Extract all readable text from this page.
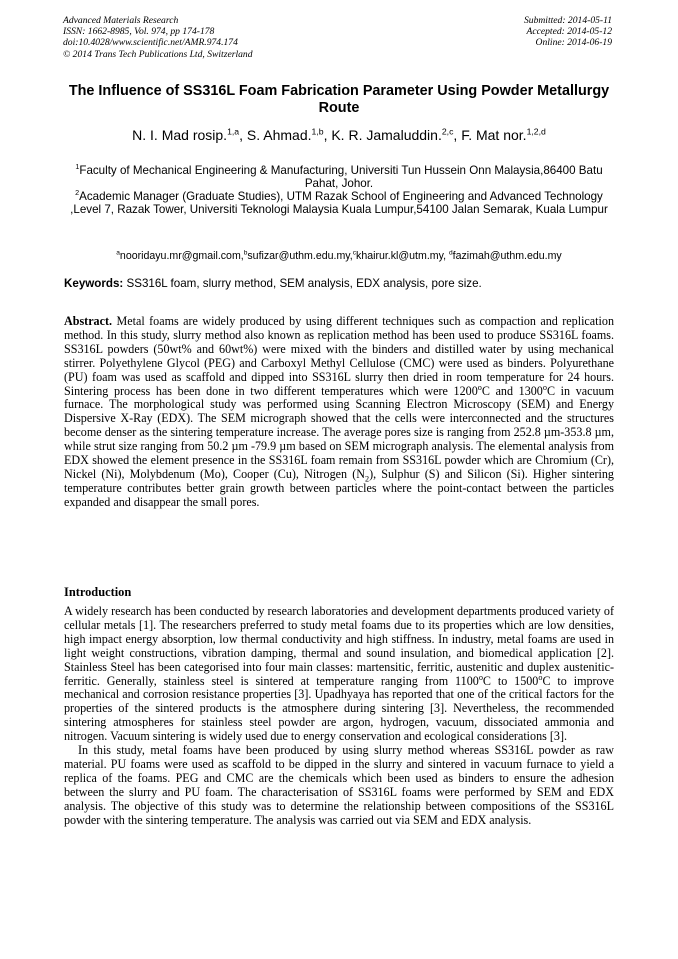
Advanced Materials Research
ISSN: 1662-8985, Vol. 974, pp 174-178
doi:10.4028/www.scientific.net/AMR.974.174
© 2014 Trans Tech Publications Ltd, Switzerland
Submitted: 2014-05-11
Accepted: 2014-05-12
Online: 2014-06-19
The Influence of SS316L Foam Fabrication Parameter Using Powder Metallurgy Route
N. I. Mad rosip.$^{1,a}$, S. Ahmad.$^{1,b}$, K. R. Jamaluddin.$^{2,c}$, F. Mat nor.$^{1,2,d}$
$^1$Faculty of Mechanical Engineering & Manufacturing, Universiti Tun Hussein Onn Malaysia,86400 Batu Pahat, Johor.
$^2$Academic Manager (Graduate Studies), UTM Razak School of Engineering and Advanced Technology ,Level 7, Razak Tower, Universiti Teknologi Malaysia Kuala Lumpur,54100 Jalan Semarak, Kuala Lumpur
$^a$nooridayu.mr@gmail.com,$^b$sufizar@uthm.edu.my,$^c$khairur.kl@utm.my, $^d$fazimah@uthm.edu.my
Keywords: SS316L foam, slurry method, SEM analysis, EDX analysis, pore size.

Abstract. Metal foams are widely produced by using different techniques such as compaction and replication method. In this study, slurry method also known as replication method has been used to produce SS316L foams. SS316L powders (50wt% and 60wt%) were mixed with the binders and distilled water by using mechanical stirrer. Polyethylene Glycol (PEG) and Carboxyl Methyl Cellulose (CMC) were used as binders. Polyurethane (PU) foam was used as scaffold and dipped into SS316L slurry then dried in room temperature for 24 hours. Sintering process has been done in two different temperatures which were 1200$^o$C and 1300$^o$C in vacuum furnace. The morphological study was performed using Scanning Electron Microscopy (SEM) and Energy Dispersive X-Ray (EDX). The SEM micrograph showed that the cells were interconnected and the structures become denser as the sintering temperature increase. The average pores size is ranging from 252.8 µm-353.8 µm, while strut size ranging from 50.2 µm -79.9 µm based on SEM micrograph analysis. The elemental analysis from EDX showed the element presence in the SS316L foam remain from SS316L powder which are Chromium (Cr), Nickel (Ni), Molybdenum (Mo), Cooper (Cu), Nitrogen $(N_2)$, Sulphur (S) and Silicon (Si). Higher sintering temperature contributes better grain growth between particles where the point-contact between the particles expanded and disappear the small pores.

Introduction

A widely research has been conducted by research laboratories and development departments produced variety of cellular metals [1]. The researchers preferred to study metal foams due to its properties which are low densities, high impact energy absorption, low thermal conductivity and high stiffness. In industry, metal foams are used in light weight constructions, vibration damping, thermal and sound insulation, and biomedical application [2]. Stainless Steel has been categorised into four main classes: martensitic, ferritic, austenitic and duplex austenitic-ferritic. Generally, stainless steel is sintered at temperature ranging from 1100$^o$C to 1500$^o$C to improve mechanical and corrosion resistance properties [3]. Upadhyaya has reported that one of the critical factors for the properties of the sintered products is the atmosphere during sintering [3]. Nevertheless, the recommended sintering atmospheres for stainless steel powder are argon, hydrogen, vacuum, dissociated ammonia and nitrogen. Vacuum sintering is widely used due to energy conservation and ecological considerations [3].

In this study, metal foams have been produced by using slurry method whereas SS316L powder as raw material. PU foams were used as scaffold to be dipped in the slurry and sintered in vacuum furnace to yield a replica of the foams. PEG and CMC are the chemicals which been used as binders to ensure the adhesion between the slurry and PU foam. The characterisation of SS316L foams were performed by SEM and EDX analysis. The objective of this study was to determine the relationship between compositions of the SS316L powder with the sintering temperature. The analysis was carried out via SEM and EDX analysis.
